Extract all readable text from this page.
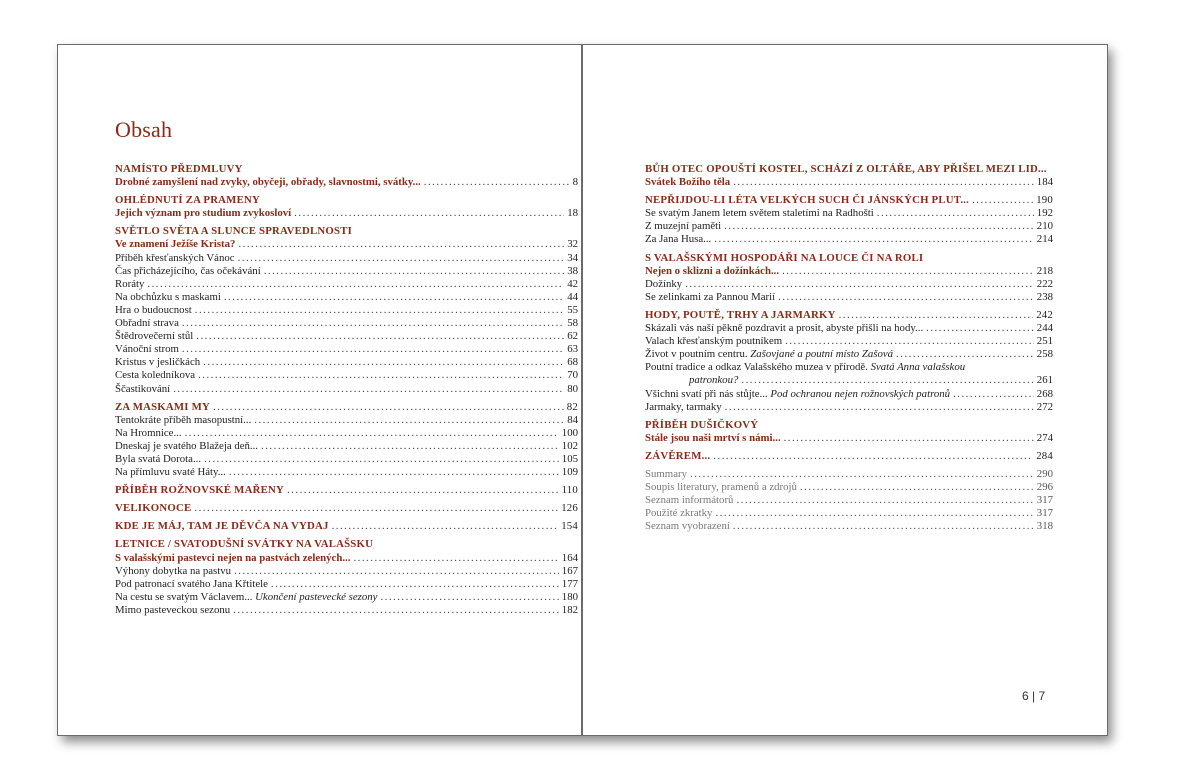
Obsah
NAMÍSTO PŘEDMLUVY
Drobné zamyšlení nad zvyky, obyčeji, obřady, slavnostmi, svátky... .....	8
OHLÉDNUTÍ ZA PRAMENY
Jejich význam pro studium zvykosloví .....	18
SVĚTLO SVĚTA A SLUNCE SPRAVEDLNOSTI
Ve znamení Ježíše Krista? .....	32
Příběh křesťanských Vánoc .....	34
Čas přicházejícího, čas očekávání .....	38
Roráty .....	42
Na obchůzku s maskami .....	44
Hra o budoucnost .....	55
Obřadní strava .....	58
Štědrovečerní stůl .....	62
Vánoční strom .....	63
Kristus v jesličkách .....	68
Cesta koledníkova .....	70
Ščastikování .....	80
ZA MASKAMI MY .....	82
Tentokráte příběh masopustní... .....	84
Na Hromnice... .....	100
Dneskaj je svatého Blažeja deň... .....	102
Byla svatá Dorota... .....	105
Na přímluvu svaté Háty... .....	109
PŘÍBĚH ROŽNOVSKÉ MAŘENY .....	110
VELIKONOCE .....	126
KDE JE MÁJ, TAM JE DĚVČA NA VYDAJ .....	154
LETNICE / SVATODUŠNÍ SVÁTKY NA VALAŠSKU
S valašskými pastevci nejen na pastvách zelených... .....	164
Výhony dobytka na pastvu .....	167
Pod patronací svatého Jana Křtitele .....	177
Na cestu se svatým Václavem... Ukončení pastevecké sezony .....	180
Mimo pasteveckou sezonu .....	182
BŮH OTEC OPOUŠTÍ KOSTEL, SCHÁZÍ Z OLTÁŘE, ABY PŘIŠEL MEZI LID...
Svátek Božího těla .....	184
NEPŘIJDOU-LI LÉTA VELKÝCH SUCH ČI JÁNSKÝCH PLUT... .....	190
Se svatým Janem letem světem staletími na Radhošti .....	192
Z muzejní paměti .....	210
Za Jana Husa... .....	214
S VALAŠSKÝMI HOSPODÁŘI NA LOUCE ČI NA ROLI
Nejen o sklizni a dožínkách... .....	218
Dožínky .....	222
Se zelinkami za Pannou Marií .....	238
HODY, POUTĚ, TRHY A JARMARKY .....	242
Skázali vás naší pěkně pozdravit a prosit, abyste přišli na hody... .....	244
Valach křesťanským poutníkem .....	251
Život v poutním centru. Zašovjané a poutní místo Zašová .....	258
Poutní tradice a odkaz Valašského muzea v přírodě. Svatá Anna valašskou
patronkou? .....	261
Všichni svatí při nás stůjte... Pod ochranou nejen rožnovských patronů .....	268
Jarmaky, tarmaky .....	272
PŘÍBĚH DUŠIČKOVÝ
Stále jsou naši mrtví s námi... .....	274
ZÁVĚREM... .....	284
Summary .....	290
Soupis literatury, pramenů a zdrojů .....	296
Seznam informátorů .....	317
Použité zkratky .....	317
Seznam vyobrazení .....	318
6 | 7
